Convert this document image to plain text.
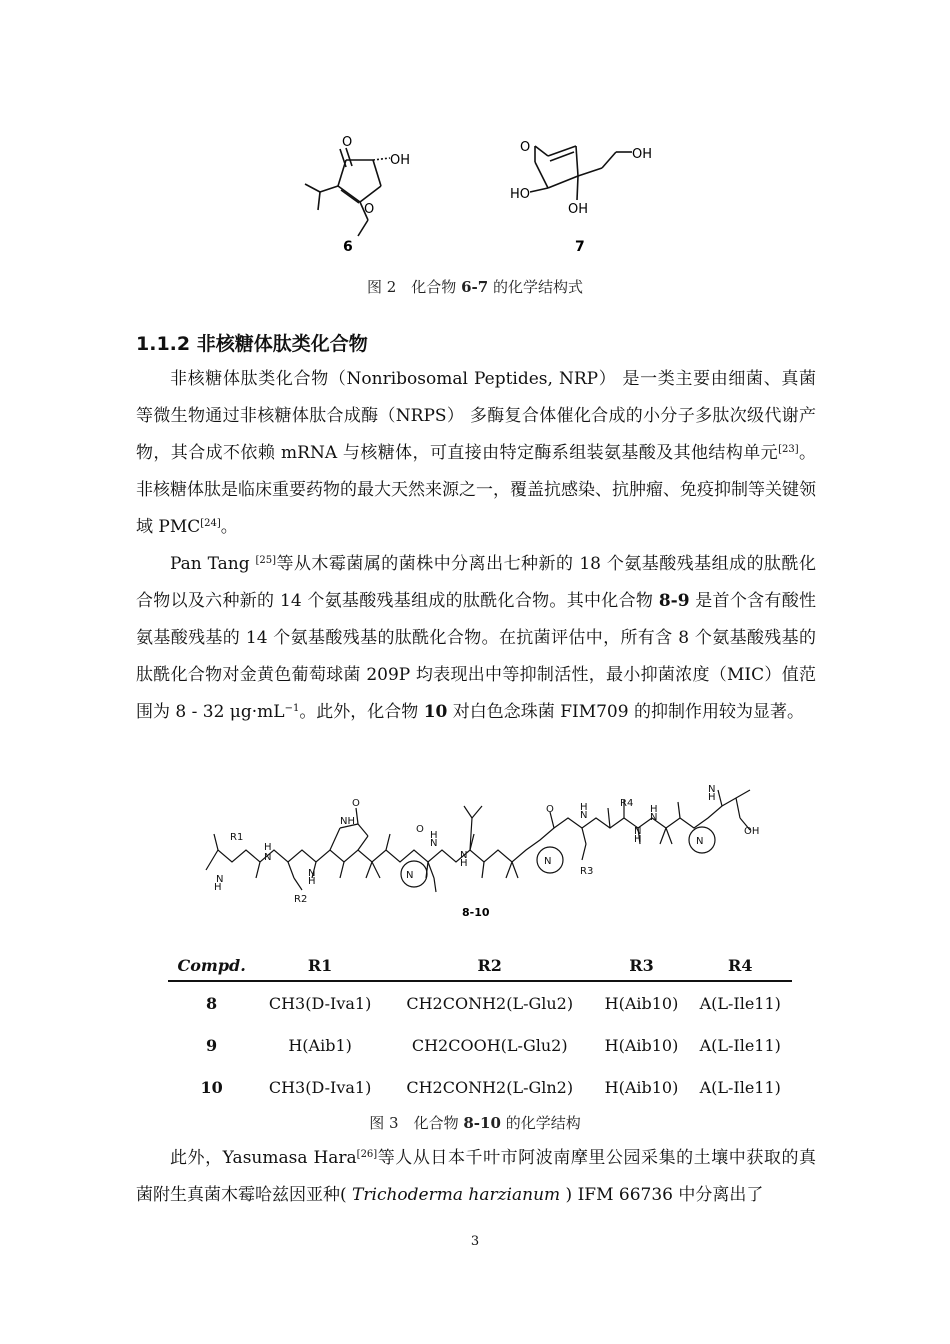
O
OH
O
O	OH
HO
OH
6	7
图 2　化合物 6-7 的化学结构式
1.1.2 非核糖体肽类化合物

非核糖体肽类化合物（Nonribosomal Peptides, NRP） 是一类主要由细菌、真菌等微生物通过非核糖体肽合成酶（NRPS） 多酶复合体催化合成的小分子多肽次级代谢产物，其合成不依赖 mRNA 与核糖体，可直接由特定酶系组装氨基酸及其他结构单元[23]。非核糖体肽是临床重要药物的最大天然来源之一，覆盖抗感染、抗肿瘤、免疫抑制等关键领域 PMC[24]。

Pan Tang [25]等从木霉菌属的菌株中分离出七种新的 18 个氨基酸残基组成的肽酰化合物以及六种新的 14 个氨基酸残基组成的肽酰化合物。其中化合物 8-9 是首个含有酸性氨基酸残基的 14 个氨基酸残基的肽酰化合物。在抗菌评估中，所有含 8 个氨基酸残基的肽酰化合物对金黄色葡萄球菌 209P 均表现出中等抑制活性，最小抑菌浓度（MIC）值范围为 8 - 32 $\mu g\cdot mL^{-1}$。此外，化合物 10 对白色念珠菌 FIM709 的抑制作用较为显著。

N
H
R1
H
N
R2
N
H
NH
O
N
O
H
N
N
H	N
O
R3
H
N
R4
N
H
H
N
N
N
H
OH
8-10
Compd.	R1	R2	R3	R4
8	CH3(D-Iva1)	CH2CONH2(L-Glu2)	H(Aib10)	A(L-Ile11)
9	H(Aib1)	CH2COOH(L-Glu2)	H(Aib10)	A(L-Ile11)
10	CH3(D-Iva1)	CH2CONH2(L-Gln2)	H(Aib10)	A(L-Ile11)
图 3　化合物 8-10 的化学结构

此外，Yasumasa Hara[26]等人从日本千叶市阿波南摩里公园采集的土壤中获取的真菌附生真菌木霉哈兹因亚种( Trichoderma harzianum ) IFM 66736 中分离出了

3
